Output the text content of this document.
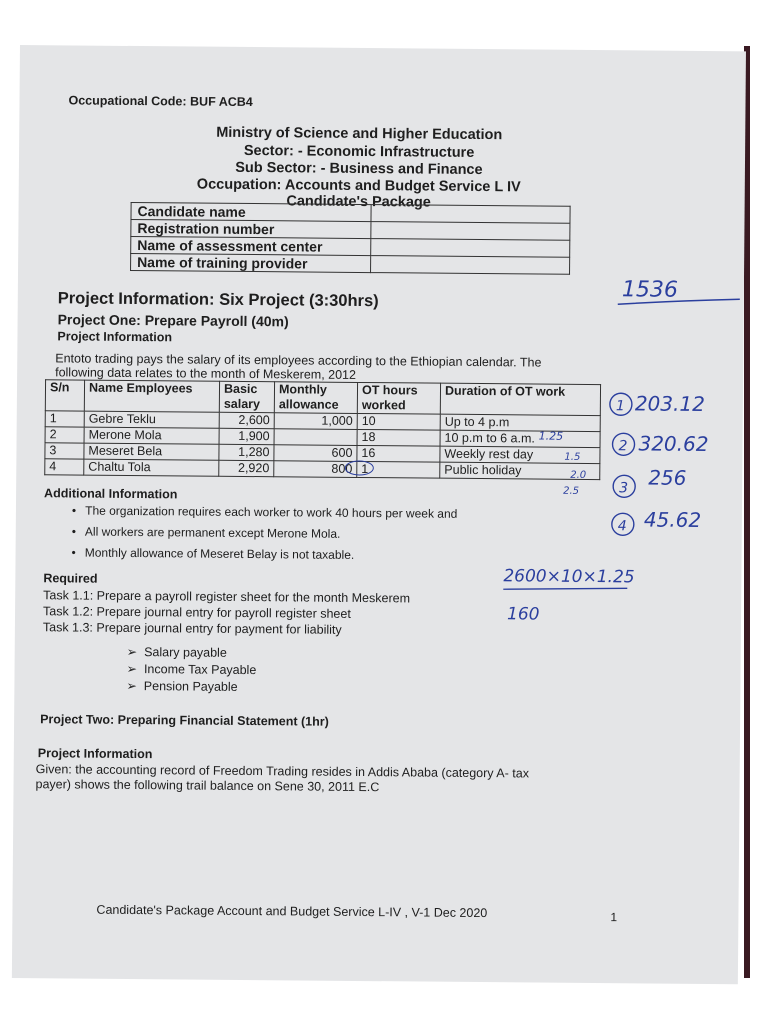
Occupational Code: BUF ACB4
Ministry of Science and Higher Education
Sector: - Economic Infrastructure
Sub Sector: - Business and Finance
Occupation: Accounts and Budget Service L IV
Candidate's Package
Candidate name	
Registration number	
Name of assessment center	
Name of training provider	
Project Information: Six Project (3:30hrs)
Project One: Prepare Payroll (40m)
Project Information
Entoto trading pays the salary of its employees according to the Ethiopian calendar. The
following data relates to the month of Meskerem, 2012
S/n	Name Employees	Basic salary	Monthly allowance	OT hours worked	Duration of OT work
1	Gebre Teklu	2,600	1,000	10	Up to 4 p.m
2	Merone Mola	1,900		18	10 p.m to 6 a.m.
3	Meseret Bela	1,280	600	16	Weekly rest day
4	Chaltu Tola	2,920	800	1	Public holiday
Additional Information
• The organization requires each worker to work 40 hours per week and
• All workers are permanent except Merone Mola.
• Monthly allowance of Meseret Belay is not taxable.
Required
Task 1.1: Prepare a payroll register sheet for the month Meskerem
Task 1.2: Prepare journal entry for payroll register sheet
Task 1.3: Prepare journal entry for payment for liability
➢  Salary payable
➢  Income Tax Payable
➢  Pension Payable
Project Two: Preparing Financial Statement (1hr)
Project Information
Given: the accounting record of Freedom Trading resides in Addis Ababa (category A- tax
payer) shows the following trail balance on Sene 30, 2011 E.C
Candidate's Package Account and Budget Service L-IV , V-1 Dec 2020	1
1536
1 203.12
2 320.62
3 256
4 45.62
1.25
1.5
2.0
2.5
2600×10×1.25
160
